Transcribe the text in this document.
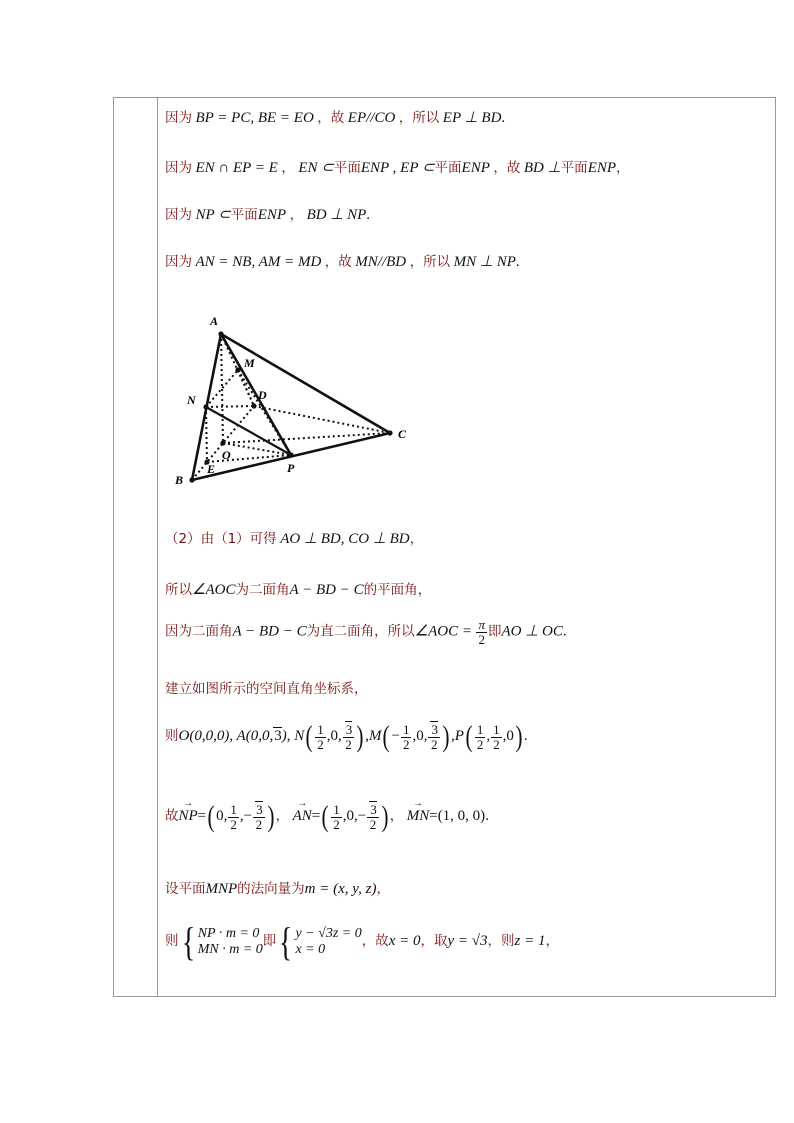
因为 BP = PC, BE = EO ，故 EP//CO ，所以 EP ⊥ BD.
因为 EN ∩ EP = E ， EN ⊂平面ENP , EP ⊂平面ENP ，故 BD ⊥平面ENP，
因为 NP ⊂平面ENP ， BD ⊥ NP.
因为 AN = NB, AM = MD ，故 MN//BD ，所以 MN ⊥ NP.
A
B
C
D
E
M
N
O
P
（2）由（1）可得 AO ⊥ BD, CO ⊥ BD，
所以∠AOC为二面角A − BD − C的平面角，
因为二面角A − BD − C为直二面角，所以∠AOC = $\frac{\pi}{2}$ 即AO ⊥ OC.
建立如图所示的空间直角坐标系，
则O(0,0,0), A(0,0,3), $N( \frac{1}{2} ,0$, $\frac{3}{2}$ ) $,M( - \frac{1}{2} ,0$, $\frac{3}{2}$ ) $,P( \frac{1}{2}$ , $\frac{1}{2} ,0$) .
故→ NP=( 0, $\frac{1}{2}$ ,− $\frac{3}{2}$ ) ， → $AN=( \frac{1}{2} ,0,- \frac{3}{2}$ ) ， → MN=(1, 0, 0).
设平面MNP的法向量为m = (x, y, z)，
则{ NP · m = 0
MN · m = 0
即{ y − √3z = 0
x = 0
，故x = 0，取y = √3，则z = 1，
